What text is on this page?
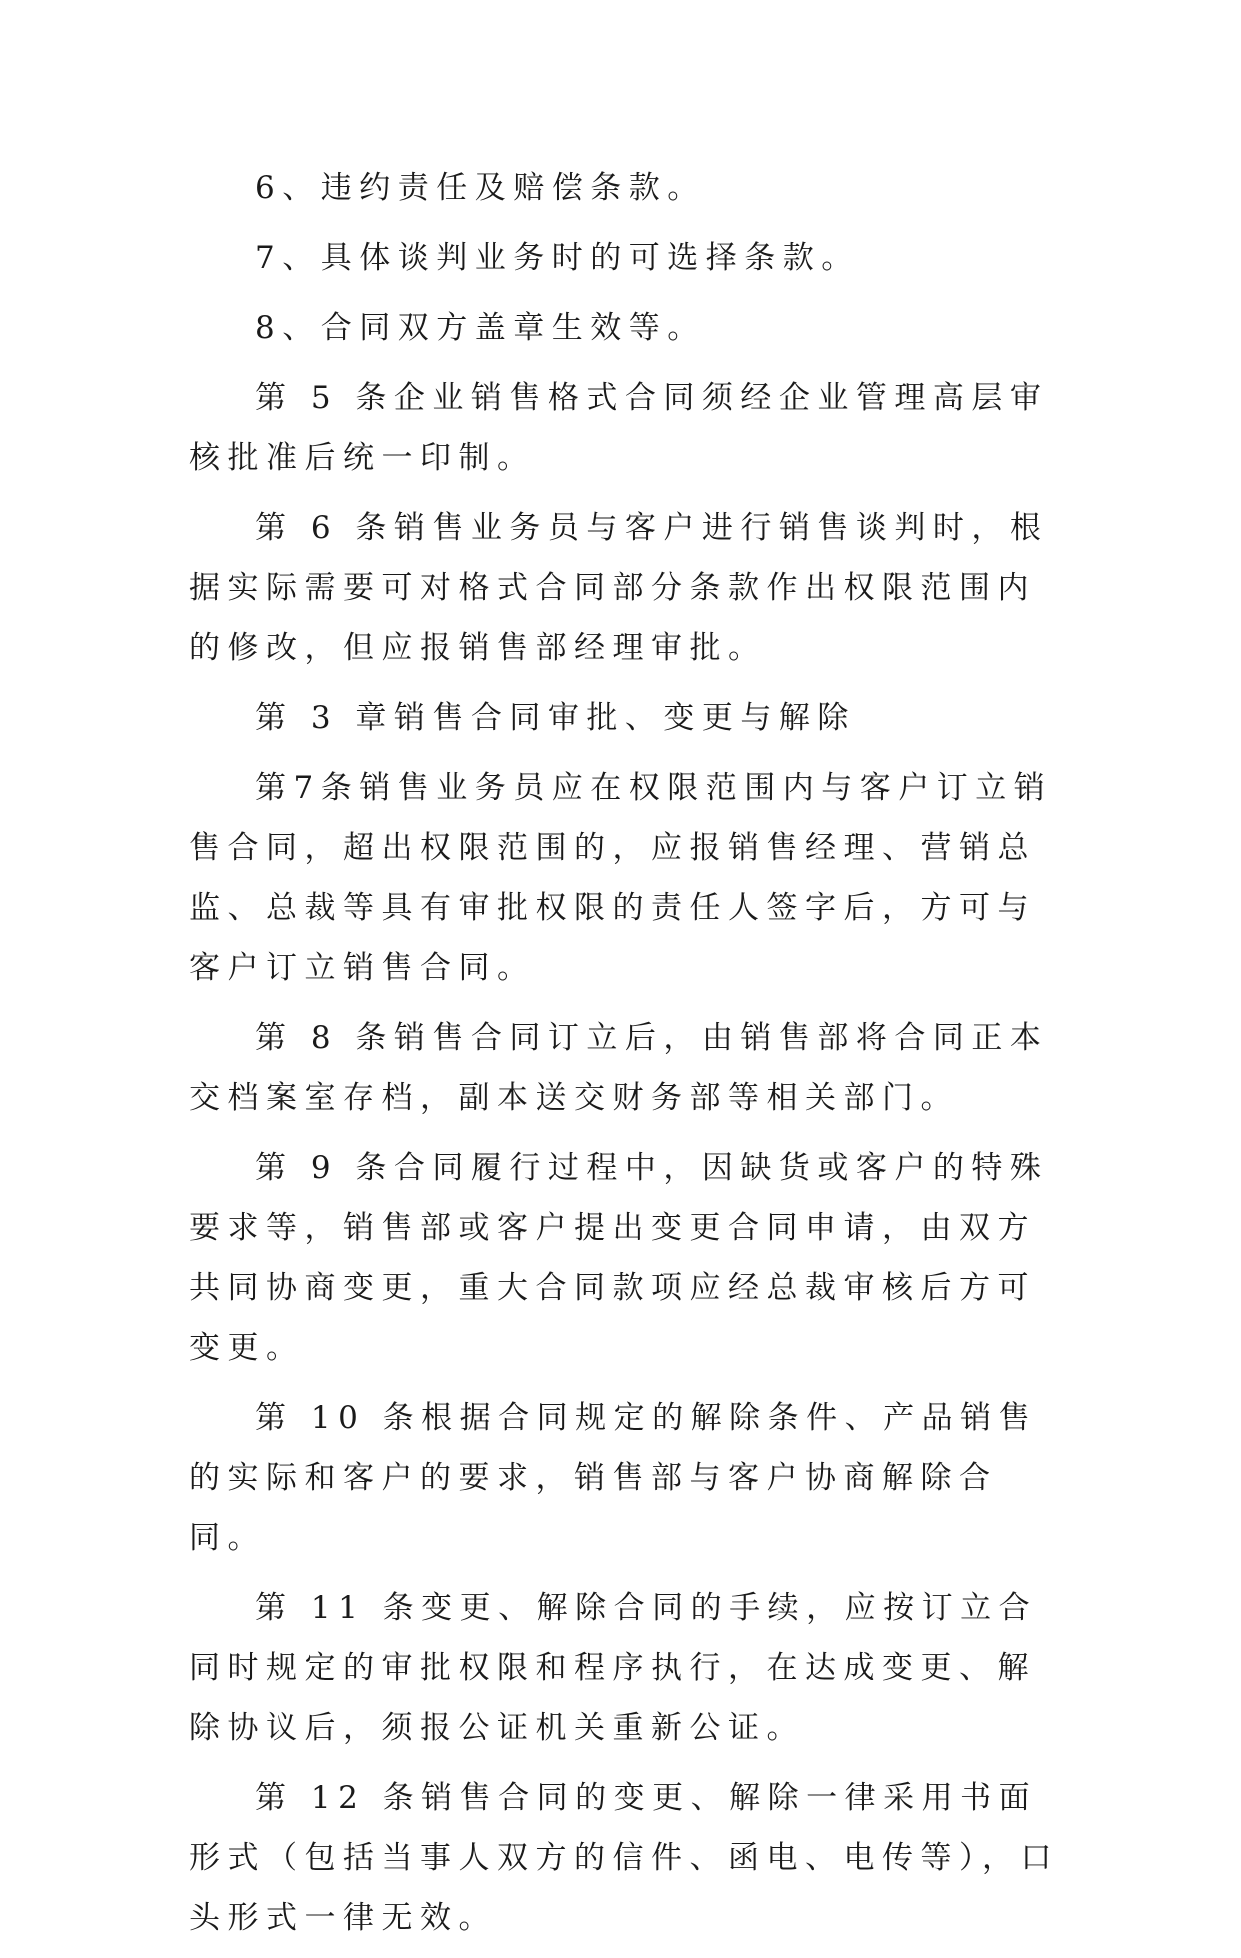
6、违约责任及赔偿条款。

7、具体谈判业务时的可选择条款。

8、合同双方盖章生效等。

第 5 条企业销售格式合同须经企业管理高层审核批准后统一印制。

第 6 条销售业务员与客户进行销售谈判时，根据实际需要可对格式合同部分条款作出权限范围内的修改，但应报销售部经理审批。

第 3 章销售合同审批、变更与解除

第7条销售业务员应在权限范围内与客户订立销售合同，超出权限范围的，应报销售经理、营销总监、总裁等具有审批权限的责任人签字后，方可与客户订立销售合同。

第 8 条销售合同订立后，由销售部将合同正本交档案室存档，副本送交财务部等相关部门。

第 9 条合同履行过程中，因缺货或客户的特殊要求等，销售部或客户提出变更合同申请，由双方共同协商变更，重大合同款项应经总裁审核后方可变更。

第 10 条根据合同规定的解除条件、产品销售的实际和客户的要求，销售部与客户协商解除合同。

第 11 条变更、解除合同的手续，应按订立合同时规定的审批权限和程序执行，在达成变更、解除协议后，须报公证机关重新公证。

第 12 条销售合同的变更、解除一律采用书面形式（包括当事人双方的信件、函电、电传等），口头形式一律无效。
